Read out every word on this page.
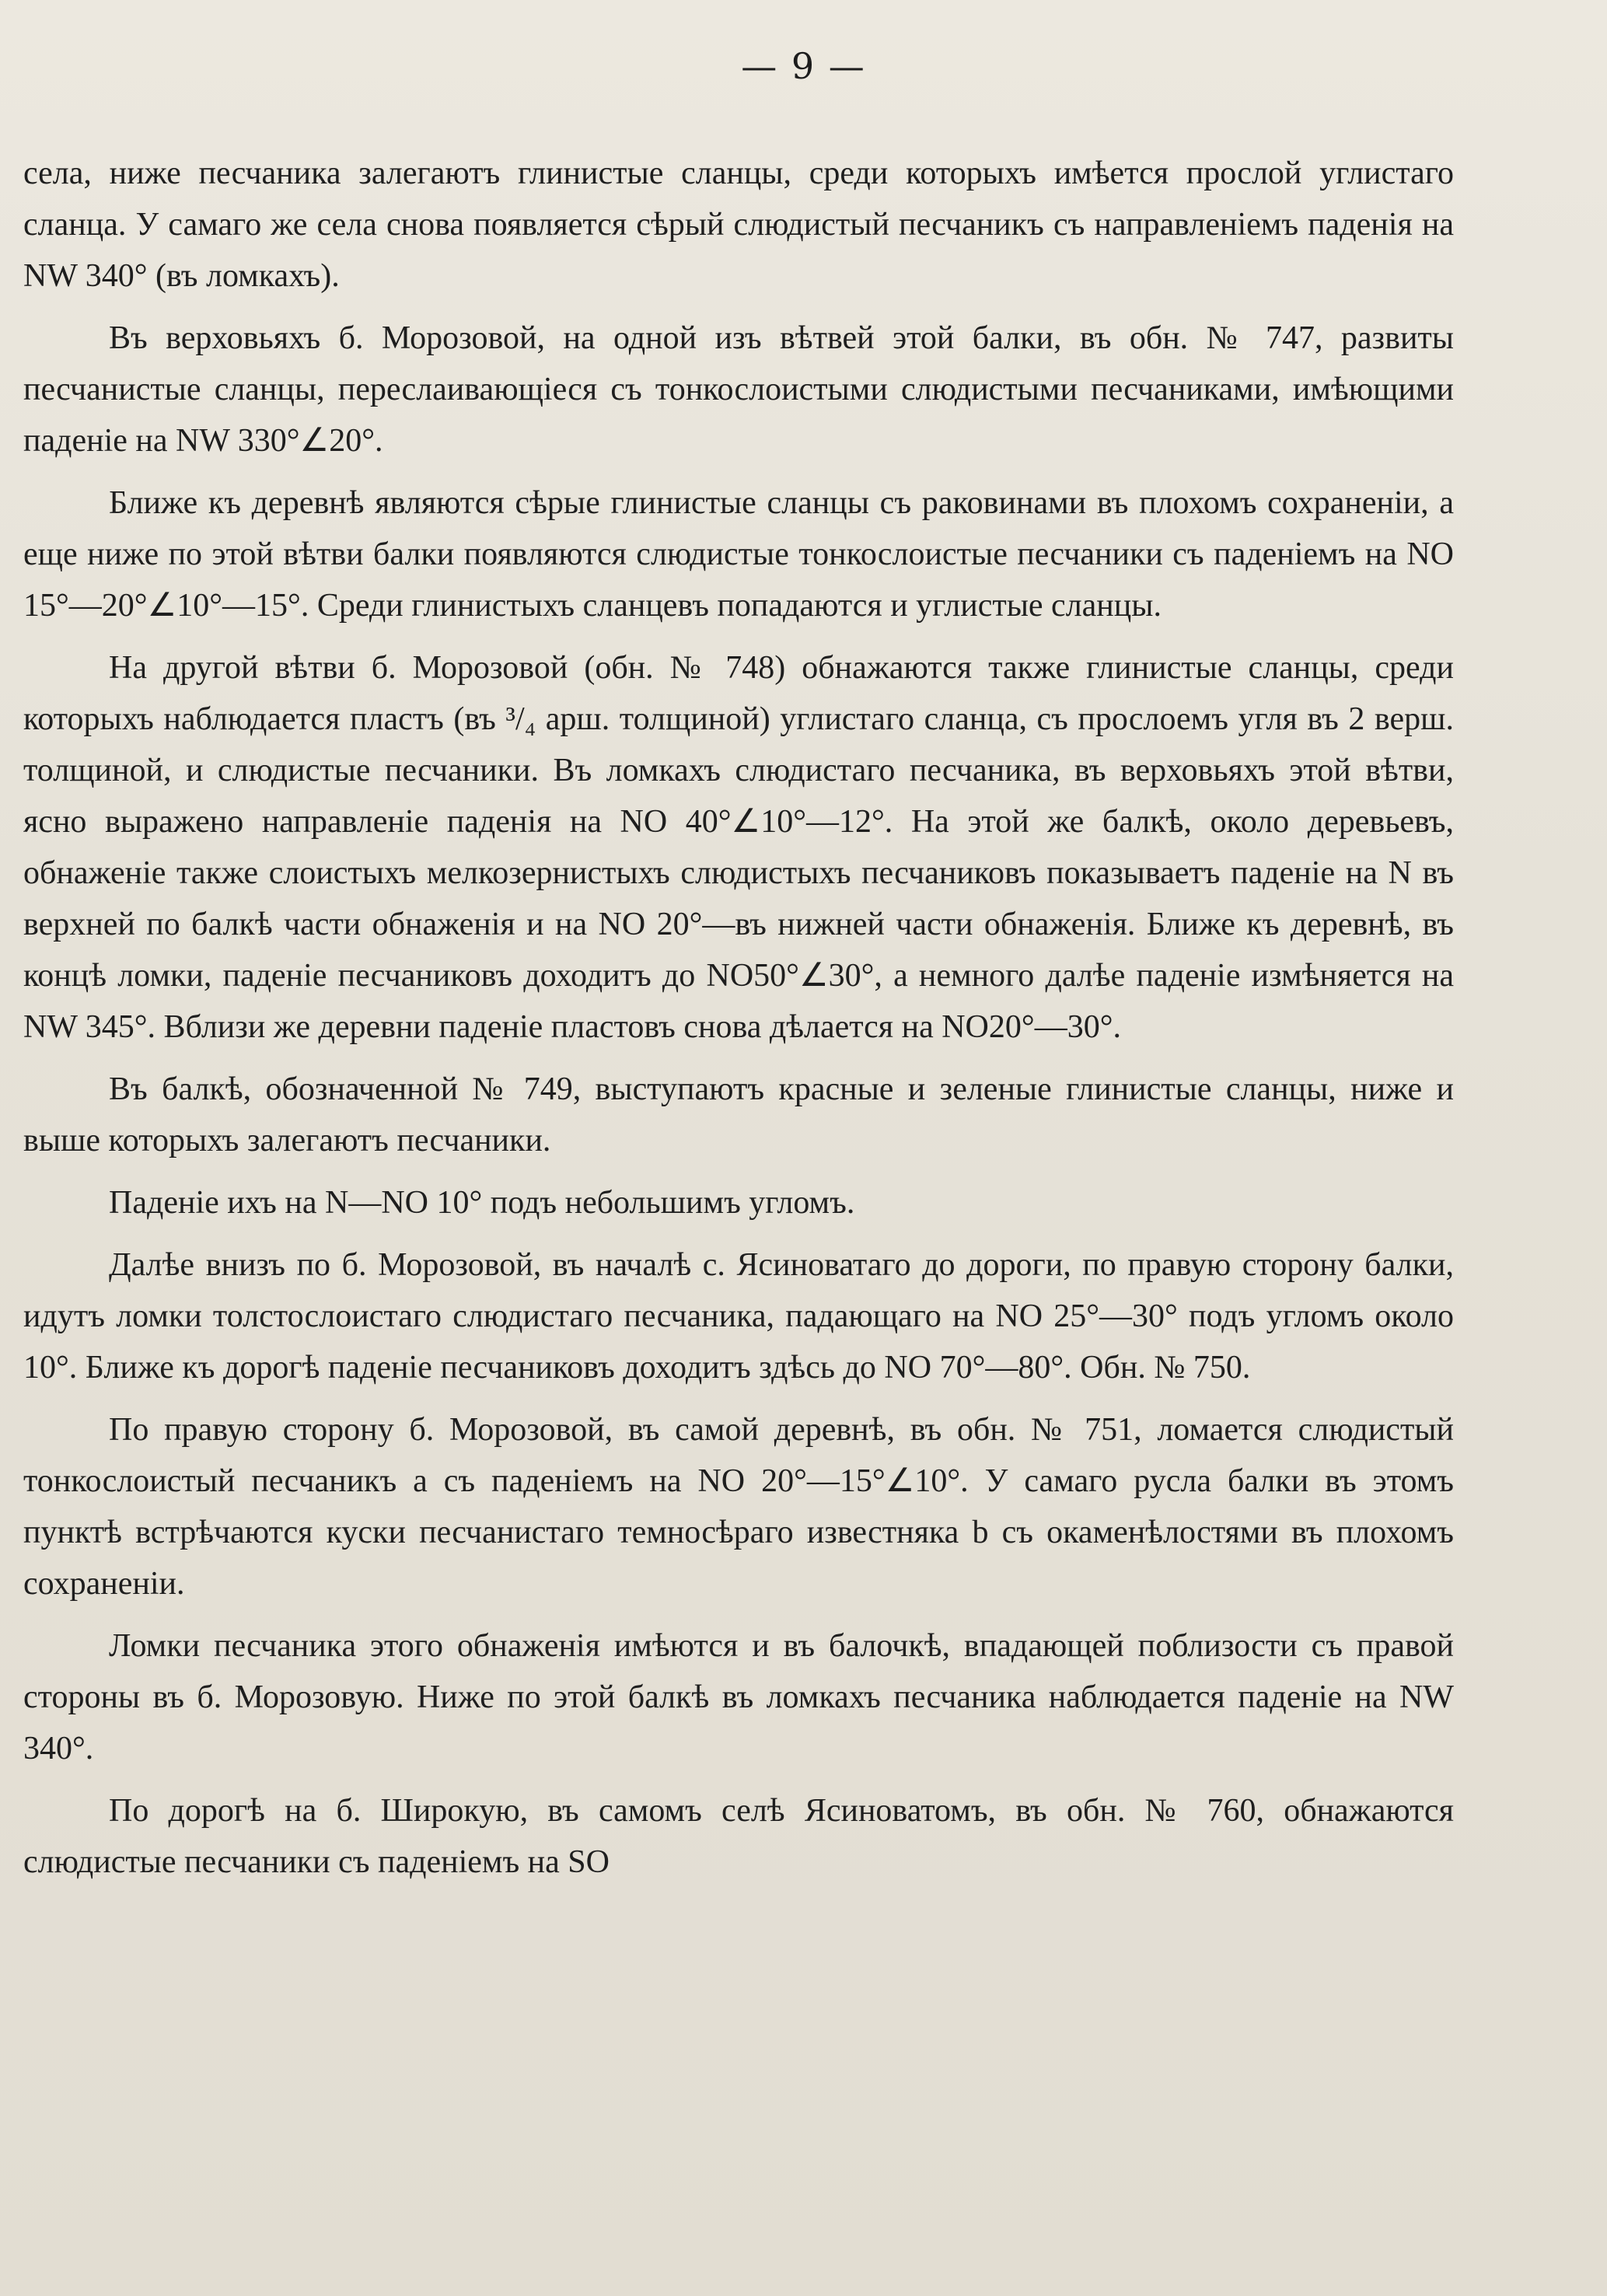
— 9 —

села, ниже песчаника залегаютъ глинистые сланцы, среди которыхъ имѣется прослой углистаго сланца. У самаго же села снова появляется сѣрый слюдистый песчаникъ съ направленіемъ паденія на NW 340° (въ ломкахъ).

Въ верховьяхъ б. Морозовой, на одной изъ вѣтвей этой балки, въ обн. № 747, развиты песчанистые сланцы, переслаивающіеся съ тонкослоистыми слюдистыми песчаниками, имѣющими паденіе на NW 330°∠20°.

Ближе къ деревнѣ являются сѣрые глинистые сланцы съ раковинами въ плохомъ сохраненіи, а еще ниже по этой вѣтви балки появляются слюдистые тонкослоистые песчаники съ паденіемъ на NO 15°—20°∠10°—15°. Среди глинистыхъ сланцевъ попадаются и углистые сланцы.

На другой вѣтви б. Морозовой (обн. № 748) обнажаются также глинистые сланцы, среди которыхъ наблюдается пластъ (въ ³/₄ арш. толщиной) углистаго сланца, съ прослоемъ угля въ 2 верш. толщиной, и слюдистые песчаники. Въ ломкахъ слюдистаго песчаника, въ верховьяхъ этой вѣтви, ясно выражено направленіе паденія на NO 40°∠10°—12°. На этой же балкѣ, около деревьевъ, обнаженіе также слоистыхъ мелкозернистыхъ слюдистыхъ песчаниковъ показываетъ паденіе на N въ верхней по балкѣ части обнаженія и на NO 20°—въ нижней части обнаженія. Ближе къ деревнѣ, въ концѣ ломки, паденіе песчаниковъ доходитъ до NO50°∠30°, а немного далѣе паденіе измѣняется на NW 345°. Вблизи же деревни паденіе пластовъ снова дѣлается на NO20°—30°.

Въ балкѣ, обозначенной № 749, выступаютъ красные и зеленые глинистые сланцы, ниже и выше которыхъ залегаютъ песчаники.

Паденіе ихъ на N—NO 10° подъ небольшимъ угломъ.

Далѣе внизъ по б. Морозовой, въ началѣ с. Ясиноватаго до дороги, по правую сторону балки, идутъ ломки толстослоистаго слюдистаго песчаника, падающаго на NO 25°—30° подъ угломъ около 10°. Ближе къ дорогѣ паденіе песчаниковъ доходитъ здѣсь до NO 70°—80°. Обн. № 750.

По правую сторону б. Морозовой, въ самой деревнѣ, въ обн. № 751, ломается слюдистый тонкослоистый песчаникъ a съ паденіемъ на NO 20°—15°∠10°. У самаго русла балки въ этомъ пунктѣ встрѣчаются куски песчанистаго темносѣраго известняка b съ окаменѣлостями въ плохомъ сохраненіи.

Ломки песчаника этого обнаженія имѣются и въ балочкѣ, впадающей поблизости съ правой стороны въ б. Морозовую. Ниже по этой балкѣ въ ломкахъ песчаника наблюдается паденіе на NW 340°.

По дорогѣ на б. Широкую, въ самомъ селѣ Ясиноватомъ, въ обн. № 760, обнажаются слюдистые песчаники съ паденіемъ на SO
